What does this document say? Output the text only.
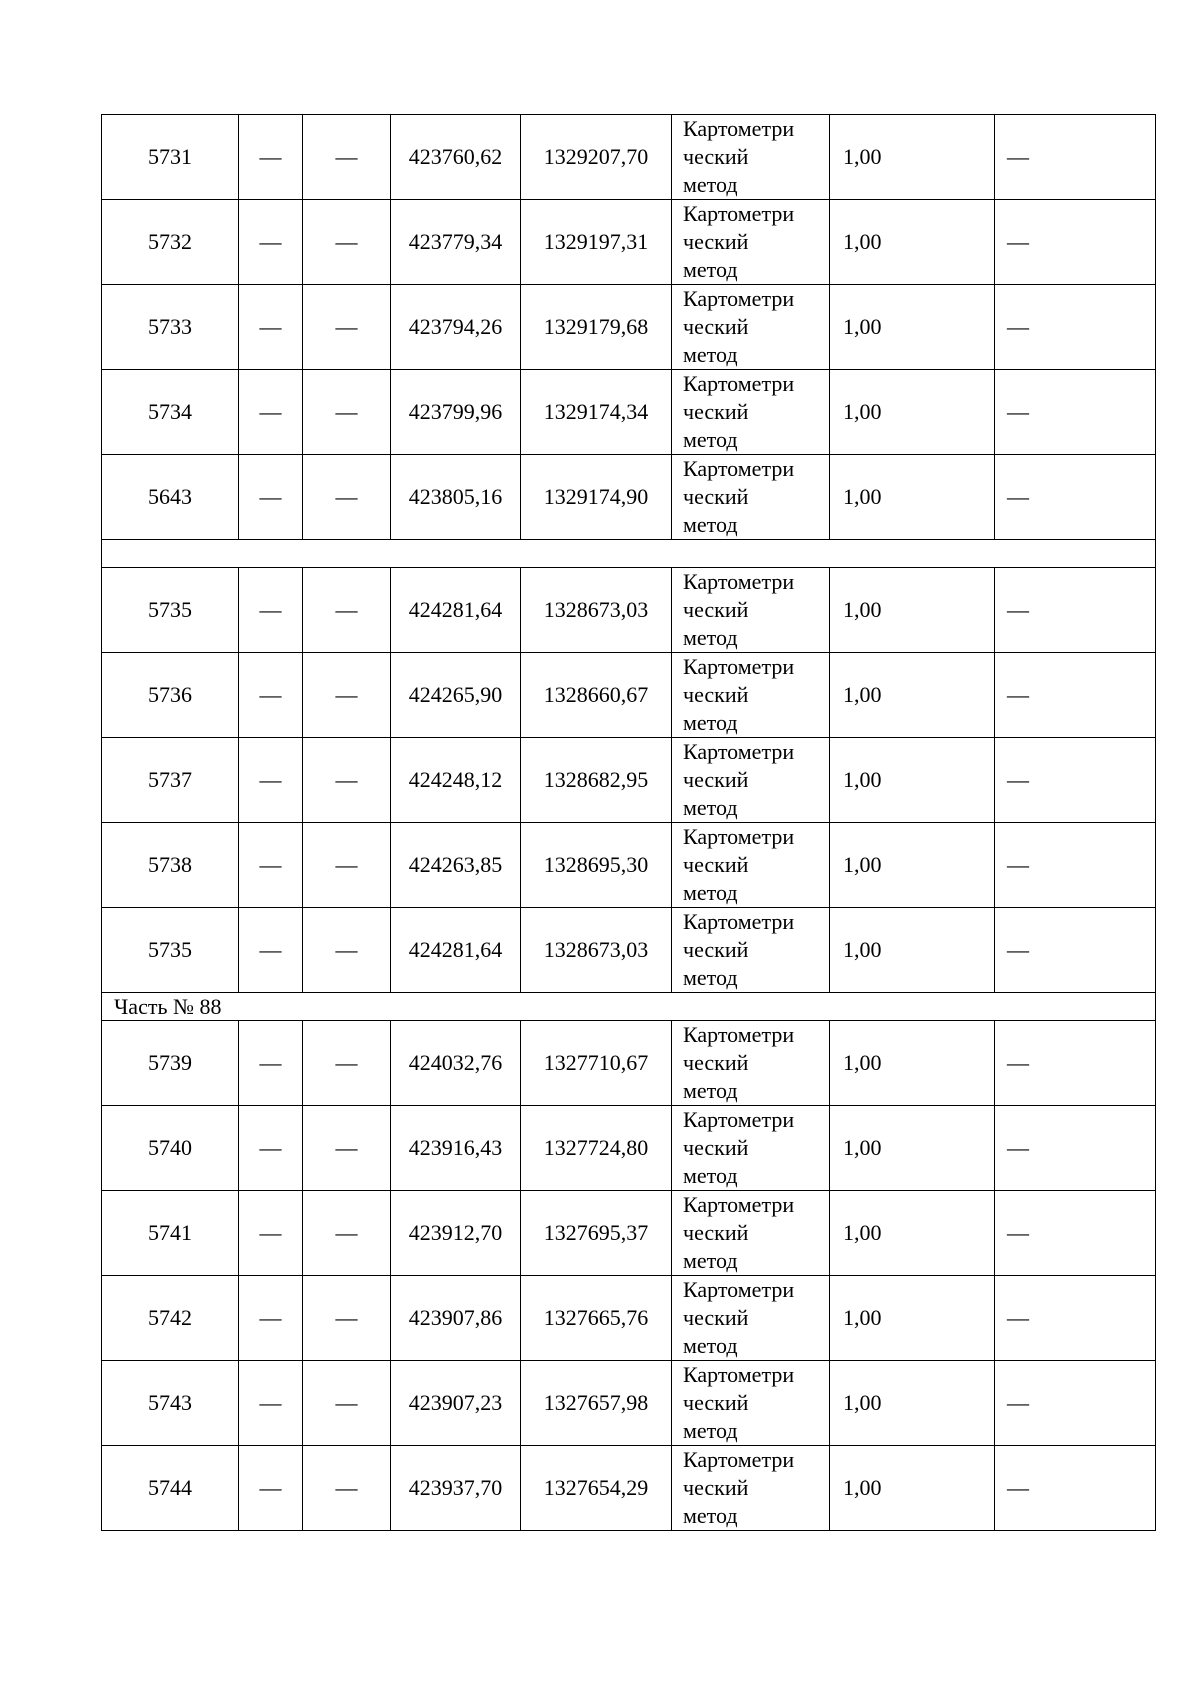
5731	—	—	423760,62	1329207,70	Картометри
ческий
метод	1,00	—
5732	—	—	423779,34	1329197,31	Картометри
ческий
метод	1,00	—
5733	—	—	423794,26	1329179,68	Картометри
ческий
метод	1,00	—
5734	—	—	423799,96	1329174,34	Картометри
ческий
метод	1,00	—
5643	—	—	423805,16	1329174,90	Картометри
ческий
метод	1,00	—

5735	—	—	424281,64	1328673,03	Картометри
ческий
метод	1,00	—
5736	—	—	424265,90	1328660,67	Картометри
ческий
метод	1,00	—
5737	—	—	424248,12	1328682,95	Картометри
ческий
метод	1,00	—
5738	—	—	424263,85	1328695,30	Картометри
ческий
метод	1,00	—
5735	—	—	424281,64	1328673,03	Картометри
ческий
метод	1,00	—
Часть № 88							
5739	—	—	424032,76	1327710,67	Картометри
ческий
метод	1,00	—
5740	—	—	423916,43	1327724,80	Картометри
ческий
метод	1,00	—
5741	—	—	423912,70	1327695,37	Картометри
ческий
метод	1,00	—
5742	—	—	423907,86	1327665,76	Картометри
ческий
метод	1,00	—
5743	—	—	423907,23	1327657,98	Картометри
ческий
метод	1,00	—
5744	—	—	423937,70	1327654,29	Картометри
ческий
метод	1,00	—
